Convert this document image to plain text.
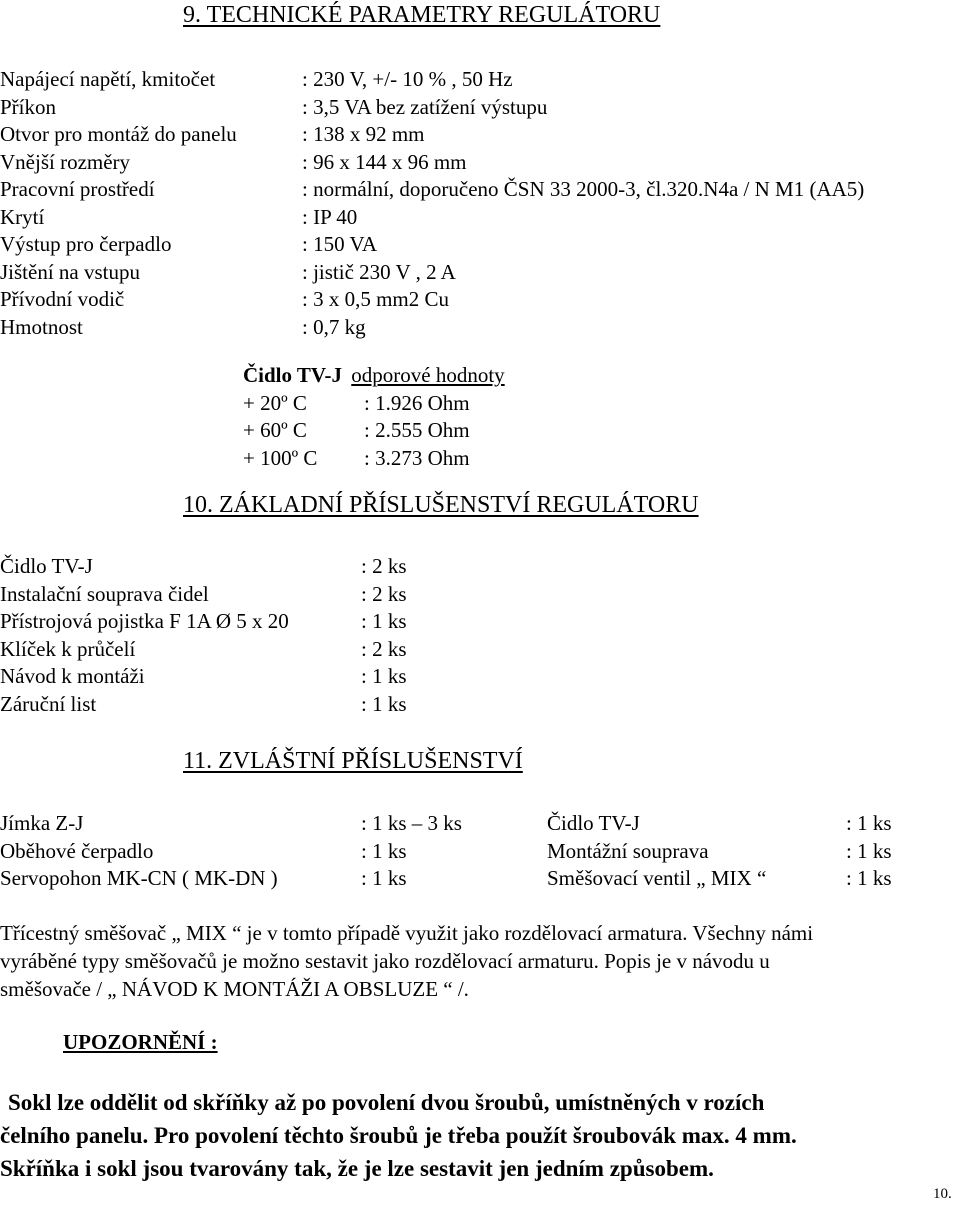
9. TECHNICKÉ PARAMETRY REGULÁTORU
Napájecí napětí, kmitočet	: 230 V, +/- 10 % , 50 Hz
Příkon	: 3,5 VA bez zatížení výstupu
Otvor pro montáž do panelu	: 138 x 92 mm
Vnější rozměry	: 96 x 144 x 96 mm
Pracovní prostředí	: normální, doporučeno ČSN 33 2000-3, čl.320.N4a / N M1 (AA5)
Krytí	: IP 40
Výstup pro čerpadlo	: 150 VA
Jištění na vstupu	: jistič 230 V , 2 A
Přívodní vodič	: 3 x 0,5 mm2 Cu
Hmotnost	: 0,7 kg
Čidlo TV-J odporové hodnoty
+ 20º C	: 1.926 Ohm
+ 60º C	: 2.555 Ohm
+ 100º C : 3.273 Ohm
10. ZÁKLADNÍ PŘÍSLUŠENSTVÍ REGULÁTORU
Čidlo TV-J	: 2 ks
Instalační souprava čidel	: 2 ks
Přístrojová pojistka F 1A Ø 5 x 20	: 1 ks
Klíček k průčelí	: 2 ks
Návod k montáži	: 1 ks
Záruční list	: 1 ks
11. ZVLÁŠTNÍ PŘÍSLUŠENSTVÍ
Jímka Z-J	: 1 ks – 3 ks	Čidlo TV-J	: 1 ks
Oběhové čerpadlo	: 1 ks	Montážní souprava	: 1 ks
Servopohon MK-CN ( MK-DN )	: 1 ks	Směšovací ventil „ MIX “	: 1 ks
Třícestný směšovač „ MIX “ je v tomto případě využit jako rozdělovací armatura. Všechny námi
vyráběné typy směšovačů je možno sestavit jako rozdělovací armaturu. Popis je v návodu u
směšovače / „ NÁVOD K MONTÁŽI A OBSLUZE “ /.
UPOZORNĚNÍ :
Sokl lze oddělit od skříňky až po povolení dvou šroubů, umístněných v rozích
čelního panelu. Pro povolení těchto šroubů je třeba použít šroubovák max. 4 mm.
Skříňka i sokl jsou tvarovány tak, že je lze sestavit jen jedním způsobem.
10.
